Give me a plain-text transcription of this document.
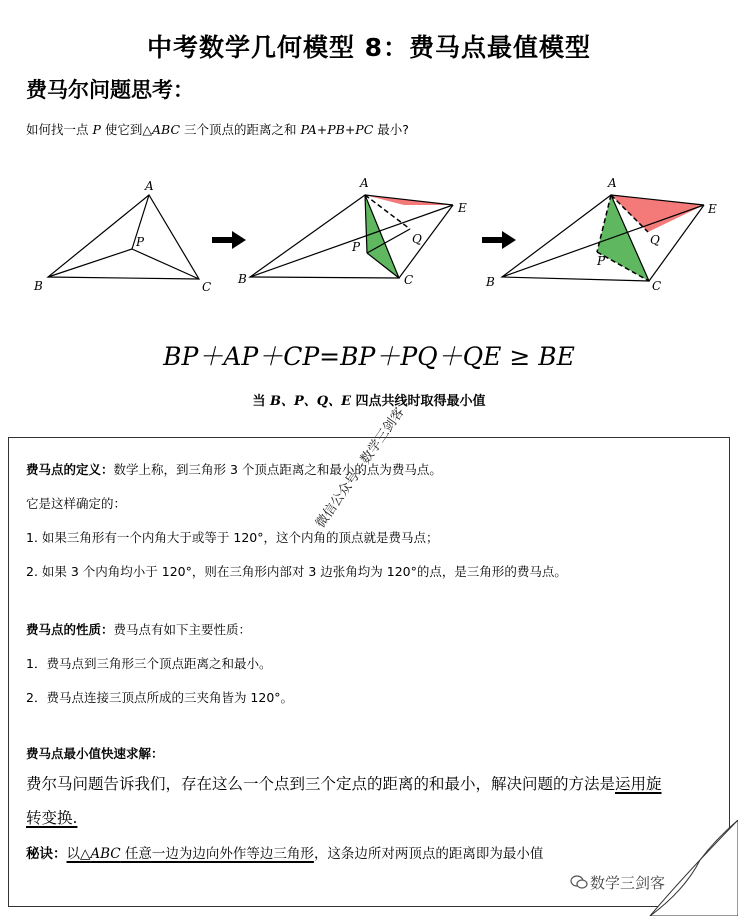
中考数学几何模型 8：费马点最值模型
费马尔问题思考：
如何找一点 P 使它到△ABC 三个顶点的距离之和 PA+PB+PC 最小?
A
B	C
P
A
B	C
P
Q
E
A
B	C
P
Q
E
BP＋AP＋CP=BP＋PQ＋QE ≥ BE
当 B、P、Q、E 四点共线时取得最小值
费马点的定义：数学上称，到三角形 3 个顶点距离之和最小的点为费马点。
它是这样确定的：
1. 如果三角形有一个内角大于或等于 120°，这个内角的顶点就是费马点；
2. 如果 3 个内角均小于 120°，则在三角形内部对 3 边张角均为 120°的点，是三角形的费马点。
费马点的性质：费马点有如下主要性质：
1．费马点到三角形三个顶点距离之和最小。
2．费马点连接三顶点所成的三夹角皆为 120°。
费马点最小值快速求解：
费尔马问题告诉我们，存在这么一个点到三个定点的距离的和最小，解决问题的方法是运用旋
转变换.
秘诀：以△ABC 任意一边为边向外作等边三角形，这条边所对两顶点的距离即为最小值
微信公众号：数学三剑客
数学三剑客
